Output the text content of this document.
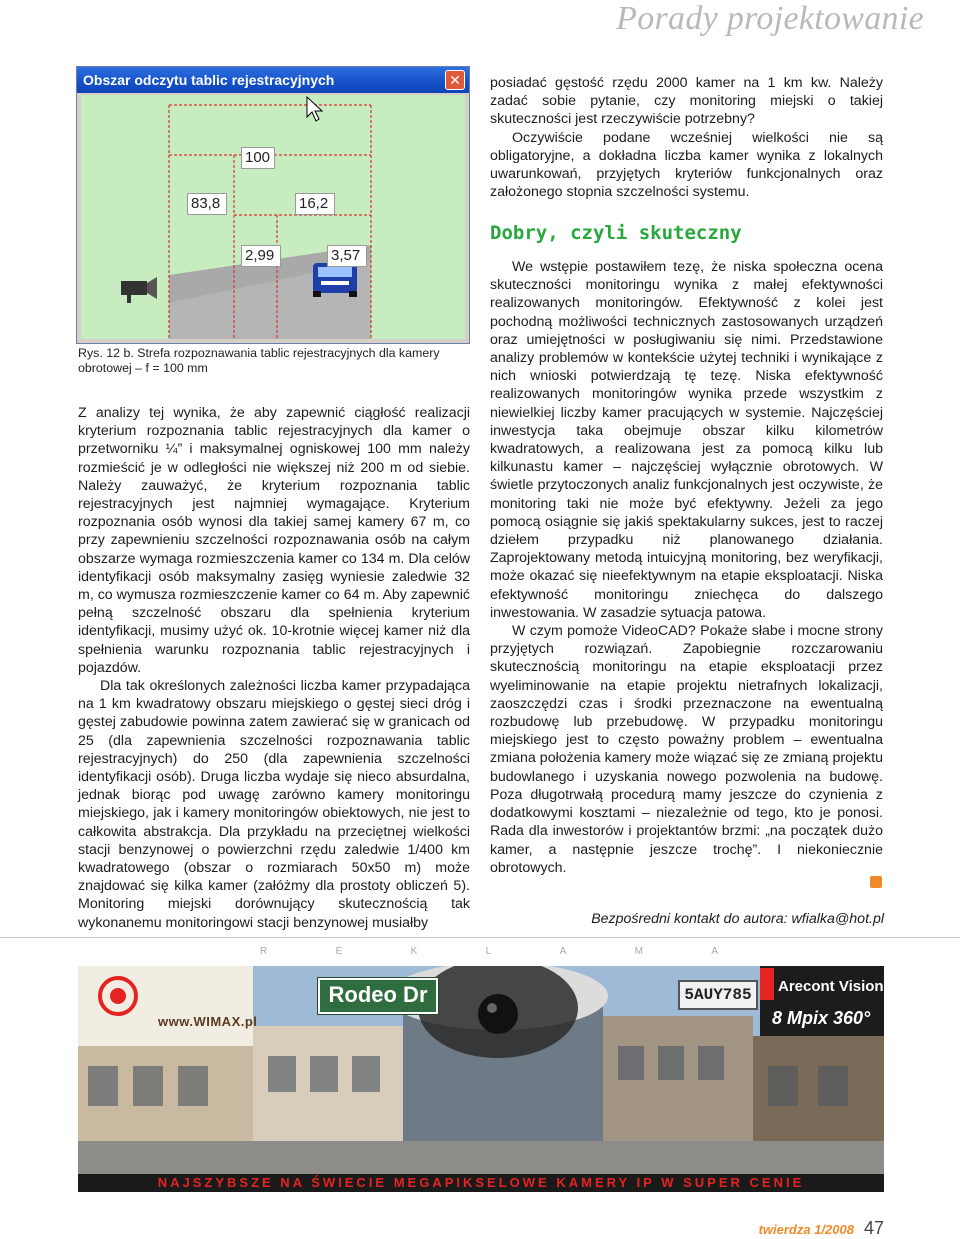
Porady projektowanie
Obszar odczytu tablic rejestracyjnych	✕
100
83,8	16,2
2,99	3,57
Rys. 12 b. Strefa rozpoznawania tablic rejestracyjnych dla kamery obrotowej – f = 100 mm

Z analizy tej wynika, że aby zapewnić ciągłość realizacji kryterium rozpoznania tablic rejestracyjnych dla kamer o przetworniku ¼” i maksymalnej ogniskowej 100 mm należy rozmieścić je w odległości nie większej niż 200 m od siebie. Należy zauważyć, że kryterium rozpoznania tablic rejestracyjnych jest najmniej wymagające. Kryterium rozpoznania osób wynosi dla takiej samej kamery 67 m, co przy zapewnieniu szczelności rozpoznawania osób na całym obszarze wymaga rozmieszczenia kamer co 134 m. Dla celów identyfikacji osób maksymalny zasięg wyniesie zaledwie 32 m, co wymusza rozmieszczenie kamer co 64 m. Aby zapewnić pełną szczelność obszaru dla spełnienia kryterium identyfikacji, musimy użyć ok. 10-krotnie więcej kamer niż dla spełnienia warunku rozpoznania tablic rejestracyjnych i pojazdów.

Dla tak określonych zależności liczba kamer przypadająca na 1 km kwadratowy obszaru miejskiego o gęstej sieci dróg i gęstej zabudowie powinna zatem zawierać się w granicach od 25 (dla zapewnienia szczelności rozpoznawania tablic rejestracyjnych) do 250 (dla zapewnienia szczelności identyfikacji osób). Druga liczba wydaje się nieco absurdalna, jednak biorąc pod uwagę zarówno kamery monitoringu miejskiego, jak i kamery monitoringów obiektowych, nie jest to całkowita abstrakcja. Dla przykładu na przeciętnej wielkości stacji benzynowej o powierzchni rzędu zaledwie 1/400 km kwadratowego (obszar o rozmiarach 50x50 m) może znajdować się kilka kamer (załóżmy dla prostoty obliczeń 5). Monitoring miejski dorównujący skutecznością tak wykonanemu monitoringowi stacji benzynowej musiałby

posiadać gęstość rzędu 2000 kamer na 1 km kw. Należy zadać sobie pytanie, czy monitoring miejski o takiej skuteczności jest rzeczywiście potrzebny?

Oczywiście podane wcześniej wielkości nie są obligatoryjne, a dokładna liczba kamer wynika z lokalnych uwarunkowań, przyjętych kryteriów funkcjonalnych oraz założonego stopnia szczelności systemu.

Dobry, czyli skuteczny

We wstępie postawiłem tezę, że niska społeczna ocena skuteczności monitoringu wynika z małej efektywności realizowanych monitoringów. Efektywność z kolei jest pochodną możliwości technicznych zastosowanych urządzeń oraz umiejętności w posługiwaniu się nimi. Przedstawione analizy problemów w kontekście użytej techniki i wynikające z nich wnioski potwierdzają tę tezę. Niska efektywność realizowanych monitoringów wynika przede wszystkim z niewielkiej liczby kamer pracujących w systemie. Najczęściej inwestycja taka obejmuje obszar kilku kilometrów kwadratowych, a realizowana jest za pomocą kilku lub kilkunastu kamer – najczęściej wyłącznie obrotowych. W świetle przytoczonych analiz funkcjonalnych jest oczywiste, że monitoring taki nie może być efektywny. Jeżeli za jego pomocą osiągnie się jakiś spektakularny sukces, jest to raczej dziełem przypadku niż planowanego działania. Zaprojektowany metodą intuicyjną monitoring, bez weryfikacji, może okazać się nieefektywnym na etapie eksploatacji. Niska efektywność monitoringu zniechęca do dalszego inwestowania. W zasadzie sytuacja patowa.

W czym pomoże VideoCAD? Pokaże słabe i mocne strony przyjętych rozwiązań. Zapobiegnie rozczarowaniu skutecznością monitoringu na etapie eksploatacji przez wyeliminowanie na etapie projektu nietrafnych lokalizacji, zaoszczędzi czas i środki przeznaczone na ewentualną rozbudowę lub przebudowę. W przypadku monitoringu miejskiego jest to często poważny problem – ewentualna zmiana położenia kamery może wiązać się ze zmianą projektu budowlanego i uzyskania nowego pozwolenia na budowę. Poza długotrwałą procedurą mamy jeszcze do czynienia z dodatkowymi kosztami – niezależnie od tego, kto je ponosi. Rada dla inwestorów i projektantów brzmi: „na początek dużo kamer, a następnie jeszcze trochę”. I niekoniecznie obrotowych.

Bezpośredni kontakt do autora: wfialka@hot.pl
R	E	K	L	A	M	A
www.WIMAX.pl
Rodeo Dr	5AUY785	Arecont Vision
8 Mpix 360°
NAJSZYBSZE NA ŚWIECIE MEGAPIKSELOWE KAMERY IP W SUPER CENIE
twierdza 1/2008 47
